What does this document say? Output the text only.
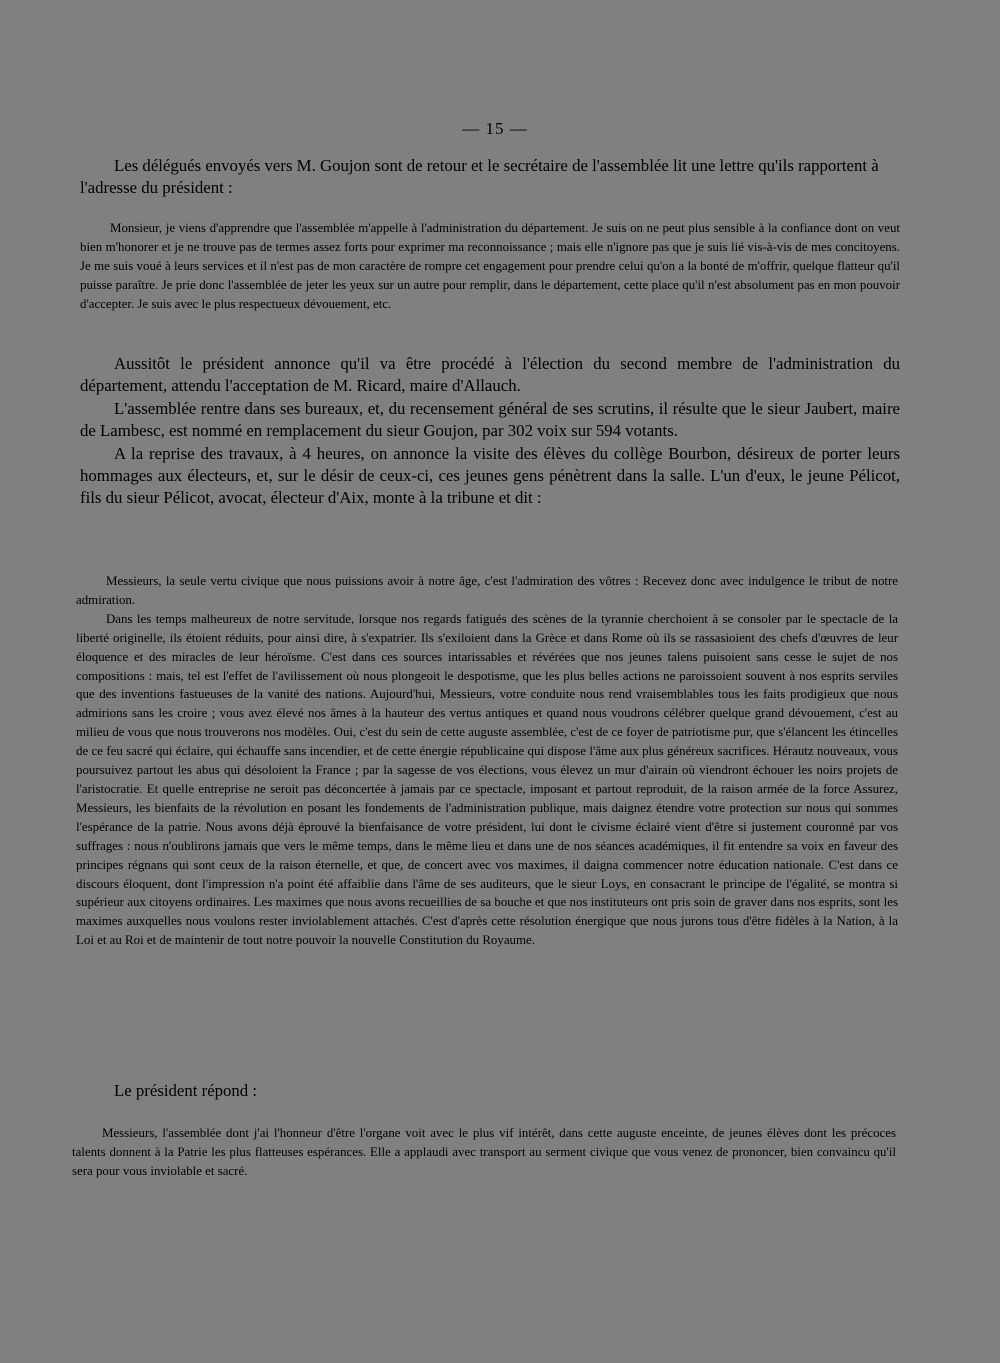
— 15 —

Les délégués envoyés vers M. Goujon sont de retour et le secrétaire de l'assemblée lit une lettre qu'ils rapportent à l'adresse du président :

Monsieur, je viens d'apprendre que l'assemblée m'appelle à l'administration du département. Je suis on ne peut plus sensible à la confiance dont on veut bien m'honorer et je ne trouve pas de termes assez forts pour exprimer ma reconnoissance ; mais elle n'ignore pas que je suis lié vis-à-vis de mes concitoyens. Je me suis voué à leurs services et il n'est pas de mon caractère de rompre cet engagement pour prendre celui qu'on a la bonté de m'offrir, quelque flatteur qu'il puisse paraître. Je prie donc l'assemblée de jeter les yeux sur un autre pour remplir, dans le département, cette place qu'il n'est absolument pas en mon pouvoir d'accepter. Je suis avec le plus respectueux dévouement, etc.

Aussitôt le président annonce qu'il va être procédé à l'élection du second membre de l'administration du département, attendu l'acceptation de M. Ricard, maire d'Allauch.

L'assemblée rentre dans ses bureaux, et, du recensement général de ses scrutins, il résulte que le sieur Jaubert, maire de Lambesc, est nommé en remplacement du sieur Goujon, par 302 voix sur 594 votants.

A la reprise des travaux, à 4 heures, on annonce la visite des élèves du collège Bourbon, désireux de porter leurs hommages aux électeurs, et, sur le désir de ceux-ci, ces jeunes gens pénètrent dans la salle. L'un d'eux, le jeune Pélicot, fils du sieur Pélicot, avocat, électeur d'Aix, monte à la tribune et dit :

Messieurs, la seule vertu civique que nous puissions avoir à notre âge, c'est l'admiration des vôtres : Recevez donc avec indulgence le tribut de notre admiration.

Dans les temps malheureux de notre servitude, lorsque nos regards fatigués des scènes de la tyrannie cherchoient à se consoler par le spectacle de la liberté originelle, ils étoient réduits, pour ainsi dire, à s'expatrier. Ils s'exiloient dans la Grèce et dans Rome où ils se rassasioient des chefs d'œuvres de leur éloquence et des miracles de leur héroïsme. C'est dans ces sources intarissables et révérées que nos jeunes talens puisoient sans cesse le sujet de nos compositions : mais, tel est l'effet de l'avilissement où nous plongeoit le despotisme, que les plus belles actions ne paroissoient souvent à nos esprits serviles que des inventions fastueuses de la vanité des nations. Aujourd'hui, Messieurs, votre conduite nous rend vraisemblables tous les faits prodigieux que nous admirions sans les croire ; vous avez élevé nos âmes à la hauteur des vertus antiques et quand nous voudrons célébrer quelque grand dévouement, c'est au milieu de vous que nous trouverons nos modèles. Oui, c'est du sein de cette auguste assemblée, c'est de ce foyer de patriotisme pur, que s'élancent les étincelles de ce feu sacré qui éclaire, qui échauffe sans incendier, et de cette énergie républicaine qui dispose l'âme aux plus généreux sacrifices. Hérautz nouveaux, vous poursuivez partout les abus qui désoloient la France ; par la sagesse de vos élections, vous élevez un mur d'airain où viendront échouer les noirs projets de l'aristocratie. Et quelle entreprise ne seroit pas déconcertée à jamais par ce spectacle, imposant et partout reproduit, de la raison armée de la force Assurez, Messieurs, les bienfaits de la révolution en posant les fondements de l'administration publique, mais daignez étendre votre protection sur nous qui sommes l'espérance de la patrie. Nous avons déjà éprouvé la bienfaisance de votre président, lui dont le civisme éclairé vient d'être si justement couronné par vos suffrages : nous n'oublirons jamais que vers le même temps, dans le même lieu et dans une de nos séances académiques, il fit entendre sa voix en faveur des principes régnans qui sont ceux de la raison éternelle, et que, de concert avec vos maximes, il daigna commencer notre éducation nationale. C'est dans ce discours éloquent, dont l'impression n'a point été affaiblie dans l'âme de ses auditeurs, que le sieur Loys, en consacrant le principe de l'égalité, se montra si supérieur aux citoyens ordinaires. Les maximes que nous avons recueillies de sa bouche et que nos instituteurs ont pris soin de graver dans nos esprits, sont les maximes auxquelles nous voulons rester inviolablement attachés. C'est d'après cette résolution énergique que nous jurons tous d'être fidèles à la Nation, à la Loi et au Roi et de maintenir de tout notre pouvoir la nouvelle Constitution du Royaume.

Le président répond :

Messieurs, l'assemblée dont j'ai l'honneur d'être l'organe voit avec le plus vif intérêt, dans cette auguste enceinte, de jeunes élèves dont les précoces talents donnent à la Patrie les plus flatteuses espérances. Elle a applaudi avec transport au serment civique que vous venez de prononcer, bien convaincu qu'il sera pour vous inviolable et sacré.
